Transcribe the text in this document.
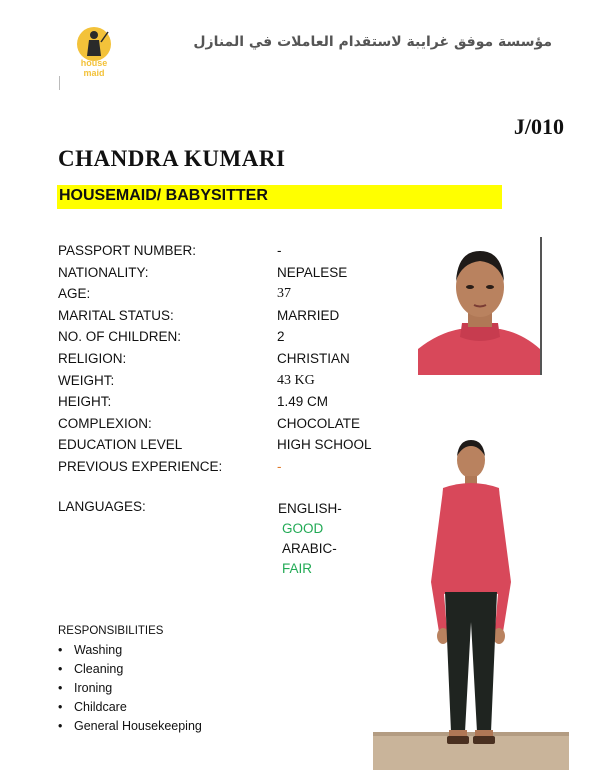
house
maid
مؤسسة موفق غرايبة لاستقدام العاملات في المنازل
J/010
CHANDRA KUMARI
HOUSEMAID/ BABYSITTER
PASSPORT NUMBER:	-
NATIONALITY:	NEPALESE
AGE:	37
MARITAL STATUS:	MARRIED
NO. OF CHILDREN:	2
RELIGION:	CHRISTIAN
WEIGHT:	43 KG
HEIGHT:	1.49 CM
COMPLEXION:	CHOCOLATE
EDUCATION LEVEL	HIGH SCHOOL
PREVIOUS EXPERIENCE:	-
LANGUAGES:	ENGLISH-
GOOD
ARABIC-
FAIR
RESPONSIBILITIES
• Washing
• Cleaning
• Ironing
• Childcare
• General Housekeeping
